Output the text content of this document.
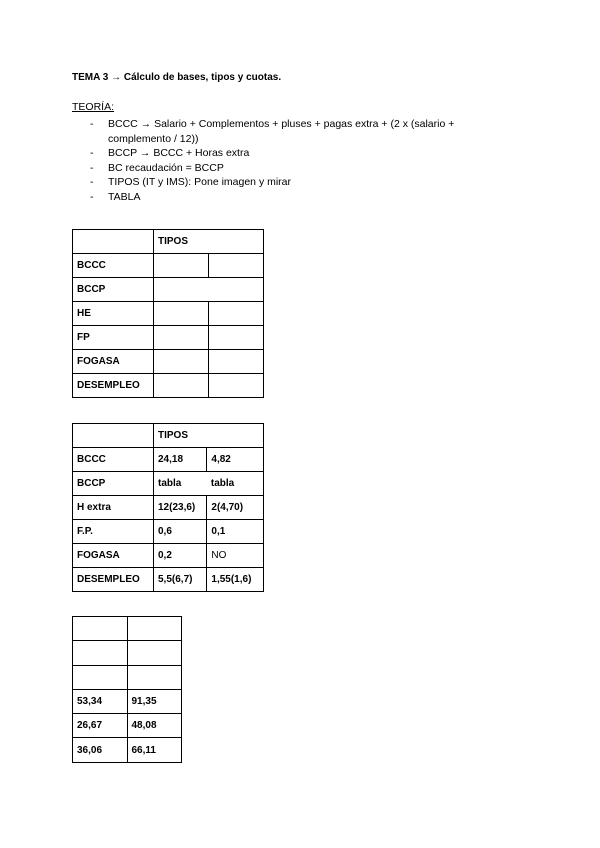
TEMA 3 → Cálculo de bases, tipos y cuotas.
TEORÍA:
-	BCCC → Salario + Complementos + pluses + pagas extra + (2 x (salario + complemento / 12))
-	BCCP → BCCC + Horas extra
-	BC recaudación = BCCP
-	TIPOS (IT y IMS): Pone imagen y mirar
-	TABLA
	TIPOS	
BCCC		
BCCP		
HE		
FP		
FOGASA		
DESEMPLEO		
	TIPOS	
BCCC	24,18	4,82
BCCP	tabla	tabla
H extra	12(23,6)	2(4,70)
F.P.	0,6	0,1
FOGASA	0,2	NO
DESEMPLEO	5,5(6,7)	1,55(1,6)

53,34	91,35
26,67	48,08
36,06	66,11
